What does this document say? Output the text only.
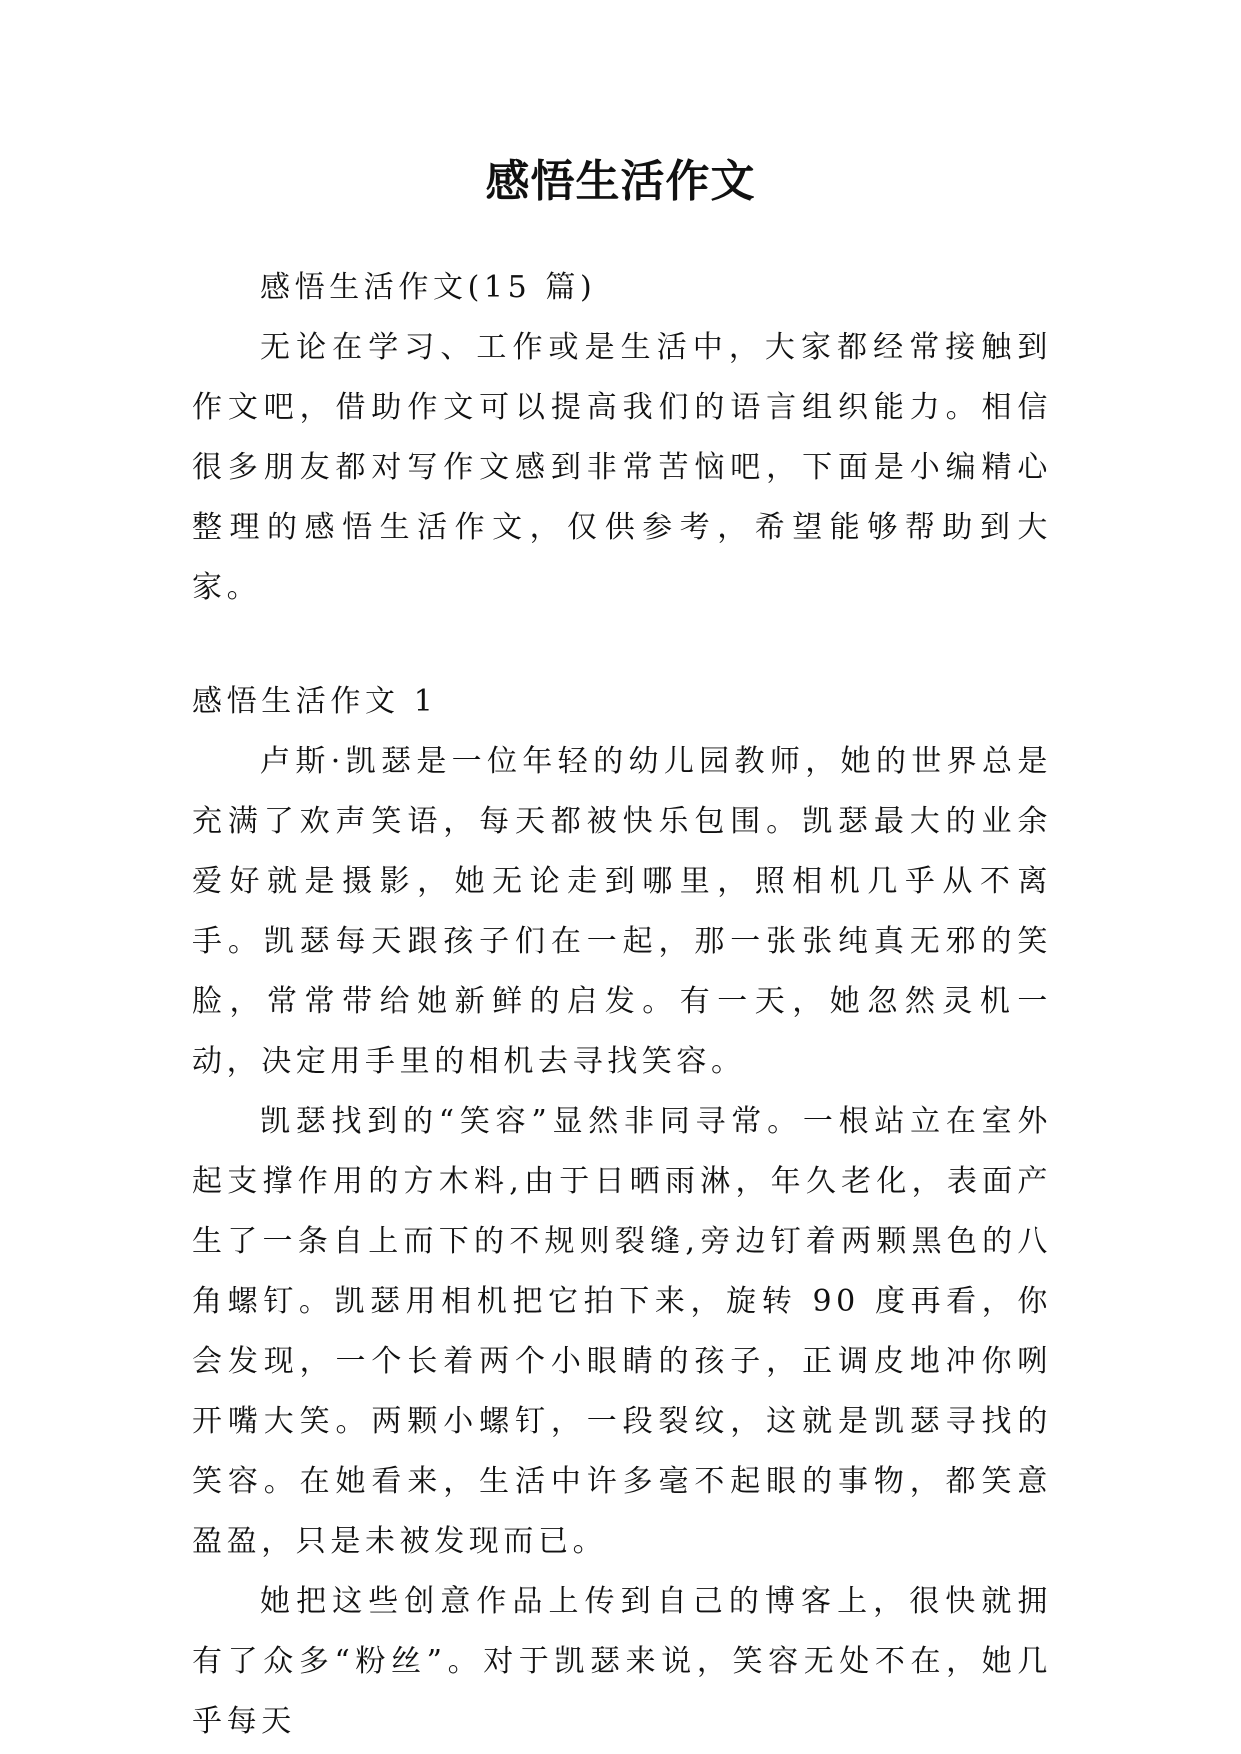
感悟生活作文

感悟生活作文(15 篇)

无论在学习、工作或是生活中，大家都经常接触到作文吧，借助作文可以提高我们的语言组织能力。相信很多朋友都对写作文感到非常苦恼吧，下面是小编精心整理的感悟生活作文，仅供参考，希望能够帮助到大家。

感悟生活作文 1

卢斯·凯瑟是一位年轻的幼儿园教师，她的世界总是充满了欢声笑语，每天都被快乐包围。凯瑟最大的业余爱好就是摄影，她无论走到哪里，照相机几乎从不离手。凯瑟每天跟孩子们在一起，那一张张纯真无邪的笑脸，常常带给她新鲜的启发。有一天，她忽然灵机一动，决定用手里的相机去寻找笑容。

凯瑟找到的“笑容”显然非同寻常。一根站立在室外起支撑作用的方木料,由于日晒雨淋，年久老化，表面产生了一条自上而下的不规则裂缝,旁边钉着两颗黑色的八角螺钉。凯瑟用相机把它拍下来，旋转 90 度再看，你会发现，一个长着两个小眼睛的孩子，正调皮地冲你咧开嘴大笑。两颗小螺钉，一段裂纹，这就是凯瑟寻找的笑容。在她看来，生活中许多毫不起眼的事物，都笑意盈盈，只是未被发现而已。

她把这些创意作品上传到自己的博客上，很快就拥有了众多“粉丝”。对于凯瑟来说，笑容无处不在，她几乎每天
